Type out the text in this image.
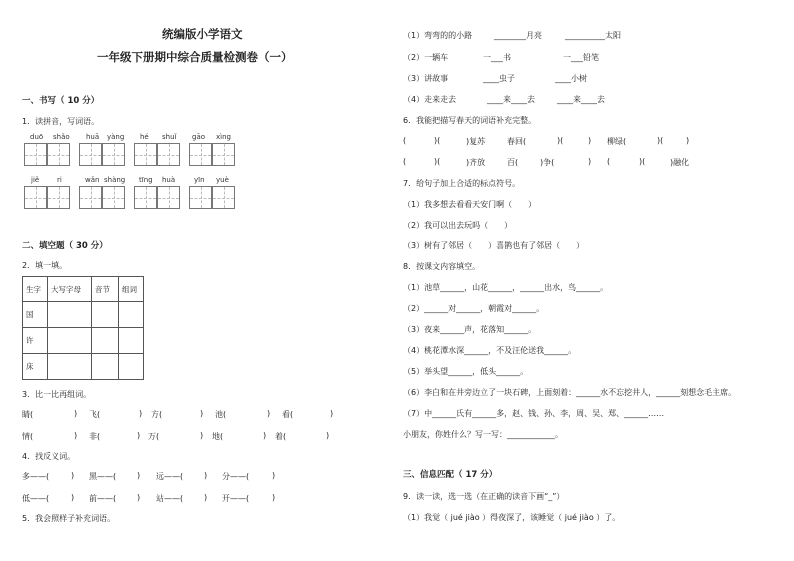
统编版小学语文
一年级下册期中综合质量检测卷（一）
一、书写（ 10 分）
1．读拼音，写词语。
duō shǎo huā yàng hé shuǐ gāo xìng
jiě	ri	wǎn shàng tīng huà	yīn yuè
二、填空题（ 30 分）
2．填一填。
生字	大写字母	音节	组词
国			
许			
床			
3．比一比再组词。
睛(	) 飞(	) 方(	) 池(	) 看(	)
情(	) 非(	) 万(	) 地(	) 着(	)
4．找反义词。
多——(	) 黑——(	) 远——(	) 分——(	)
低——(	) 前——(	) 站——(	) 开——(	)
5．我会照样子补充词语。
（1）弯弯的的小路	________月亮	__________太阳
（2）一辆车	一___书	一___铅笔
（3）讲故事	____虫子	____小树
（4）走来走去	____来____去	____来____去
6．我能把描写春天的词语补充完整。
(	)(	)复苏	春回(	)(	) 柳绿(	)(	)
(	)(	)齐放	百(	)争(	) (	)(	)融化
7．给句子加上合适的标点符号。
（1）我多想去看看天安门啊（　　）
（2）我可以出去玩吗（　　）
（3）树有了邻居（　　）喜鹊也有了邻居（　　）
8．按课文内容填空。
（1）池草______，山花______，______出水，鸟______。
（2）______对______，朝霞对______。
（3）夜来______声，花落知______。
（4）桃花潭水深______，不及汪伦送我______。
（5）举头望______，低头______。
（6）李白和在井旁边立了一块石碑，上面刻着：______水不忘挖井人，______刻想念毛主席。
（7）中______氏有______多，赵、钱、孙、李，周、吴、郑、______……
小朋友，你姓什么？写一写：____________。
三、信息匹配（ 17 分）
9．读一读，选一选（在正确的读音下画“_”）
（1）我觉（ jué jiào ）得夜深了，该睡觉（ jué jiào ）了。
